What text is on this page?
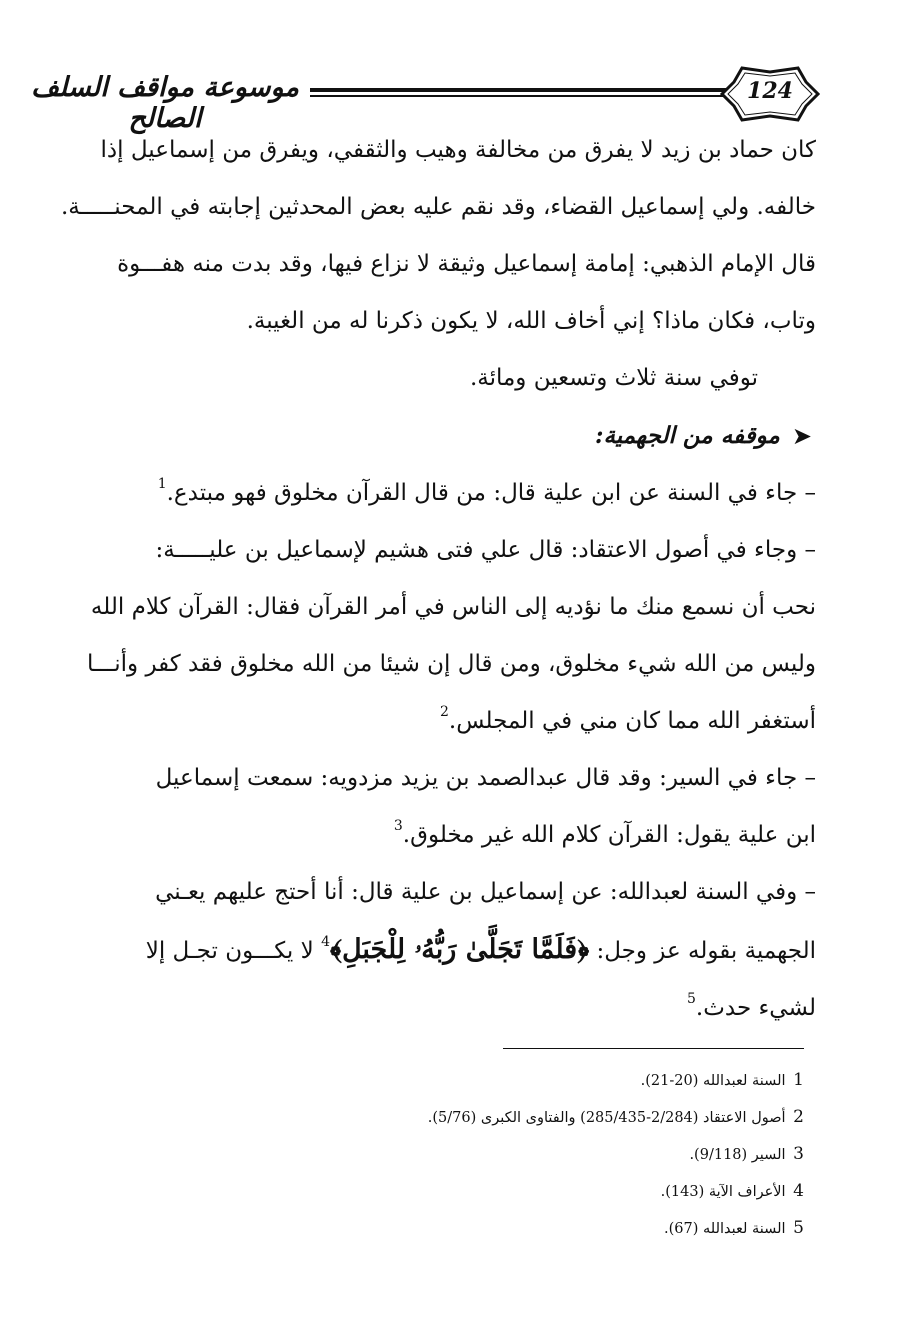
موسوعة مواقف السلف الصالح
124
كان حماد بن زيد لا يفرق من مخالفة وهيب والثقفي، ويفرق من إسماعيل إذا
خالفه. ولي إسماعيل القضاء، وقد نقم عليه بعض المحدثين إجابته في المحنـــــة.
قال الإمام الذهبي: إمامة إسماعيل وثيقة لا نزاع فيها، وقد بدت منه هفـــوة
وتاب، فكان ماذا؟ إني أخاف الله، لا يكون ذكرنا له من الغيبة.
توفي سنة ثلاث وتسعين ومائة.
➤
موقفه من الجهمية:
– جاء في السنة عن ابن علية قال: من قال القرآن مخلوق فهو مبتدع.$^1$
– وجاء في أصول الاعتقاد: قال علي فتى هشيم لإسماعيل بن عليـــــة:
نحب أن نسمع منك ما نؤديه إلى الناس في أمر القرآن فقال: القرآن كلام الله
وليس من الله شيء مخلوق، ومن قال إن شيئا من الله مخلوق فقد كفر وأنـــا
أستغفر الله مما كان مني في المجلس.$^2$
– جاء في السير: وقد قال عبدالصمد بن يزيد مزدويه: سمعت إسماعيل
ابن علية يقول: القرآن كلام الله غير مخلوق.$^3$
– وفي السنة لعبدالله: عن إسماعيل بن علية قال: أنا أحتج عليهم يعـني
الجهمية بقوله عز وجل: ﴿فَلَمَّا تَجَلَّىٰ رَبُّهُۥ لِلْجَبَلِ﴾$^4$ لا يكـــون تجـل إلا
لشيء حدث.$^5$
1 السنة لعبدالله (20-21).
2 أصول الاعتقاد (2/284-285/435) والفتاوى الكبرى (5/76).
3 السير (9/118).
4 الأعراف الآية (143).
5 السنة لعبدالله (67).
